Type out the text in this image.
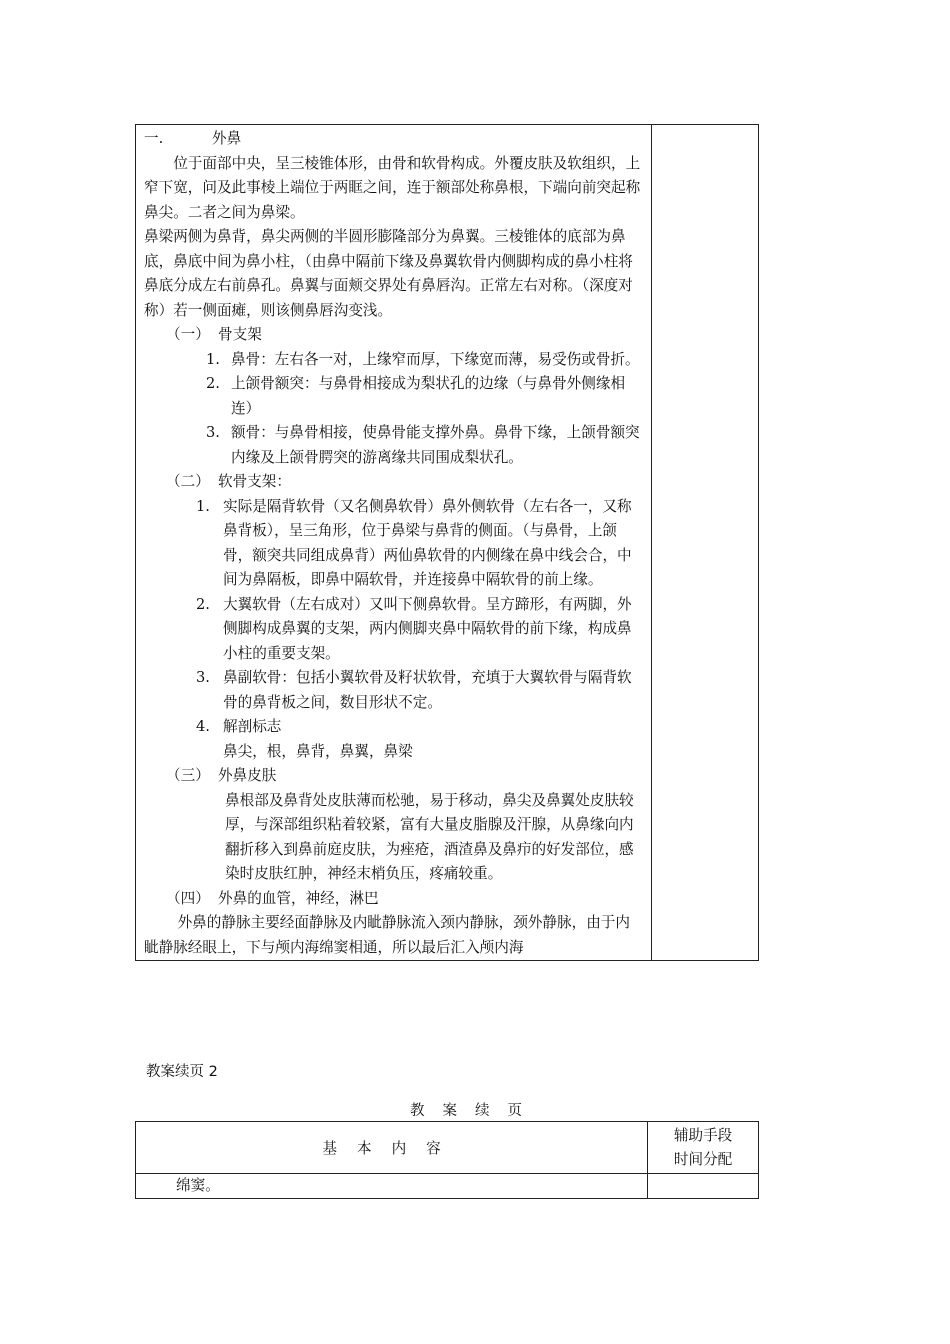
一.	外鼻

位于面部中央，呈三棱锥体形，由骨和软骨构成。外覆皮肤及软组织，上窄下宽，问及此事棱上端位于两眶之间，连于额部处称鼻根，下端向前突起称鼻尖。二者之间为鼻梁。

鼻梁两侧为鼻背，鼻尖两侧的半圆形膨隆部分为鼻翼。三棱锥体的底部为鼻底，鼻底中间为鼻小柱，（由鼻中隔前下缘及鼻翼软骨内侧脚构成的鼻小柱将鼻底分成左右前鼻孔。鼻翼与面颊交界处有鼻唇沟。正常左右对称。（深度对称）若一侧面瘫，则该侧鼻唇沟变浅。

（一） 骨支架

1. 鼻骨：左右各一对，上缘窄而厚，下缘宽而薄，易受伤或骨折。
2. 上颌骨额突：与鼻骨相接成为梨状孔的边缘（与鼻骨外侧缘相连）
3. 额骨：与鼻骨相接，使鼻骨能支撑外鼻。鼻骨下缘，上颌骨额突内缘及上颌骨腭突的游离缘共同围成梨状孔。

（二） 软骨支架：

1. 实际是隔背软骨（又名侧鼻软骨）鼻外侧软骨（左右各一，又称鼻背板），呈三角形，位于鼻梁与鼻背的侧面。（与鼻骨，上颌骨，额突共同组成鼻背）两仙鼻软骨的内侧缘在鼻中线会合，中间为鼻隔板，即鼻中隔软骨，并连接鼻中隔软骨的前上缘。
2. 大翼软骨（左右成对）又叫下侧鼻软骨。呈方蹄形，有两脚，外侧脚构成鼻翼的支架，两内侧脚夹鼻中隔软骨的前下缘，构成鼻小柱的重要支架。
3. 鼻副软骨：包括小翼软骨及籽状软骨，充填于大翼软骨与隔背软骨的鼻背板之间，数目形状不定。
4. 解剖标志

鼻尖，根，鼻背，鼻翼，鼻梁

（三） 外鼻皮肤

鼻根部及鼻背处皮肤薄而松驰，易于移动，鼻尖及鼻翼处皮肤较厚，与深部组织粘着较紧，富有大量皮脂腺及汗腺，从鼻缘向内翻折移入到鼻前庭皮肤，为痤疮，酒渣鼻及鼻疖的好发部位，感染时皮肤红肿，神经末梢负压，疼痛较重。

（四） 外鼻的血管，神经，淋巴

外鼻的静脉主要经面静脉及内眦静脉流入颈内静脉，颈外静脉，由于内眦静脉经眼上，下与颅内海绵窦相通，所以最后汇入颅内海

教案续页 2
教案续页
基本内容	辅助手段
时间分配

绵窦。	
